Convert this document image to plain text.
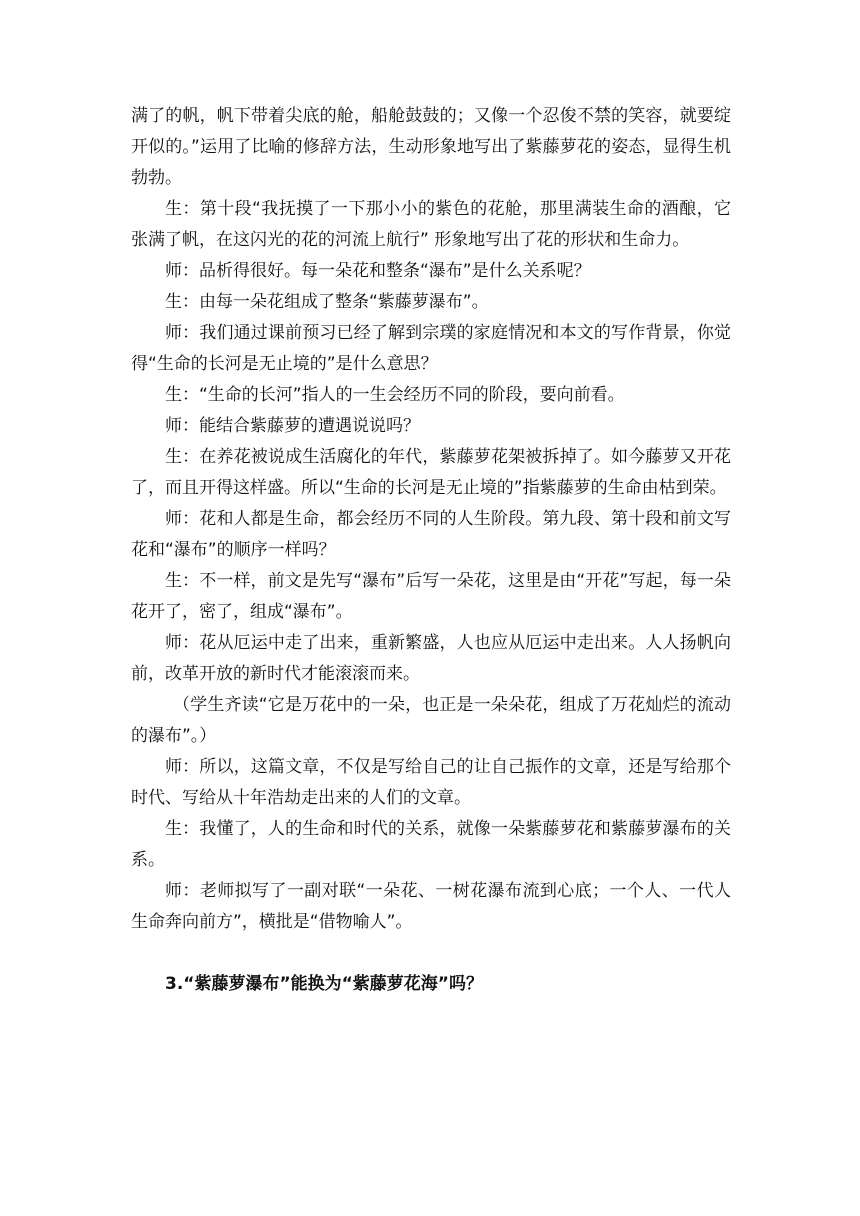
满了的帆，帆下带着尖底的舱，船舱鼓鼓的；又像一个忍俊不禁的笑容，就要绽开似的。”运用了比喻的修辞方法，生动形象地写出了紫藤萝花的姿态，显得生机勃勃。

生：第十段“我抚摸了一下那小小的紫色的花舱，那里满装生命的酒酿，它张满了帆，在这闪光的花的河流上航行” 形象地写出了花的形状和生命力。

师：品析得很好。每一朵花和整条“瀑布”是什么关系呢？

生：由每一朵花组成了整条“紫藤萝瀑布”。

师：我们通过课前预习已经了解到宗璞的家庭情况和本文的写作背景，你觉得“生命的长河是无止境的”是什么意思？

生：“生命的长河”指人的一生会经历不同的阶段，要向前看。

师：能结合紫藤萝的遭遇说说吗？

生：在养花被说成生活腐化的年代，紫藤萝花架被拆掉了。如今藤萝又开花了，而且开得这样盛。所以“生命的长河是无止境的”指紫藤萝的生命由枯到荣。

师：花和人都是生命，都会经历不同的人生阶段。第九段、第十段和前文写花和“瀑布”的顺序一样吗？

生：不一样，前文是先写“瀑布”后写一朵花，这里是由“开花”写起，每一朵花开了，密了，组成“瀑布”。

师：花从厄运中走了出来，重新繁盛，人也应从厄运中走出来。人人扬帆向前，改革开放的新时代才能滚滚而来。

（学生齐读“它是万花中的一朵，也正是一朵朵花，组成了万花灿烂的流动的瀑布”。）

师：所以，这篇文章，不仅是写给自己的让自己振作的文章，还是写给那个时代、写给从十年浩劫走出来的人们的文章。

生：我懂了，人的生命和时代的关系，就像一朵紫藤萝花和紫藤萝瀑布的关系。

师：老师拟写了一副对联“一朵花、一树花瀑布流到心底；一个人、一代人生命奔向前方”，横批是“借物喻人”。

3.“紫藤萝瀑布”能换为“紫藤萝花海”吗？
